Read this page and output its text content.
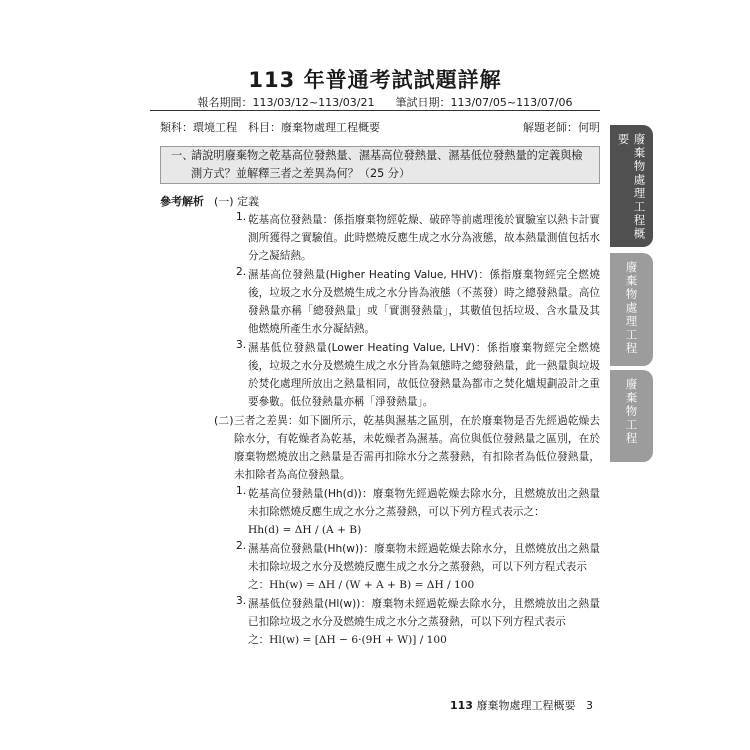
113 年普通考試試題詳解
報名期間：113/03/12~113/03/21      筆試日期：113/07/05~113/07/06
類科：環境工程　科目：廢棄物處理工程概要	解題老師：何明
一、
請說明廢棄物之乾基高位發熱量、濕基高位發熱量、濕基低位發熱量的定義與檢測方式？並解釋三者之差異為何？（25 分）
參考解析 (一) 定義
1. 乾基高位發熱量：係指廢棄物經乾燥、破碎等前處理後於實驗室以熱卡計實測所獲得之實驗值。此時燃燒反應生成之水分為液態，故本熱量測值包括水分之凝結熱。
2. 濕基高位發熱量(Higher Heating Value, HHV)：係指廢棄物經完全燃燒後，垃圾之水分及燃燒生成之水分皆為液態（不蒸發）時之總發熱量。高位發熱量亦稱「總發熱量」或「實測發熱量」，其數值包括垃圾、含水量及其他燃燒所產生水分凝結熱。
3. 濕基低位發熱量(Lower Heating Value, LHV)：係指廢棄物經完全燃燒後，垃圾之水分及燃燒生成之水分皆為氣態時之總發熱量，此一熱量與垃圾於焚化處理所放出之熱量相同，故低位發熱量為都市之焚化爐規劃設計之重要參數。低位發熱量亦稱「淨發熱量」。
(二) 三者之差異：如下圖所示，乾基與濕基之區別，在於廢棄物是否先經過乾燥去除水分，有乾燥者為乾基，未乾燥者為濕基。高位與低位發熱量之區別，在於廢棄物燃燒放出之熱量是否需再扣除水分之蒸發熱，有扣除者為低位發熱量，未扣除者為高位發熱量。
1. 乾基高位發熱量(Hh(d))：廢棄物先經過乾燥去除水分，且燃燒放出之熱量未扣除燃燒反應生成之水分之蒸發熱，可以下列方程式表示之：
Hh(d) = ΔH / (A + B)
2. 濕基高位發熱量(Hh(w))：廢棄物未經過乾燥去除水分，且燃燒放出之熱量未扣除垃圾之水分及燃燒反應生成之水分之蒸發熱，可以下列方程式表示
之：Hh(w) = ΔH / (W + A + B) = ΔH / 100
3. 濕基低位發熱量(Hl(w))：廢棄物未經過乾燥去除水分，且燃燒放出之熱量已扣除垃圾之水分及燃燒生成之水分之蒸發熱，可以下列方程式表示
之：Hl(w) = [ΔH − 6·(9H + W)] / 100
113 廢棄物處理工程概要 3
廢棄物處理工程概要
廢棄物處理工程
廢棄物工程
